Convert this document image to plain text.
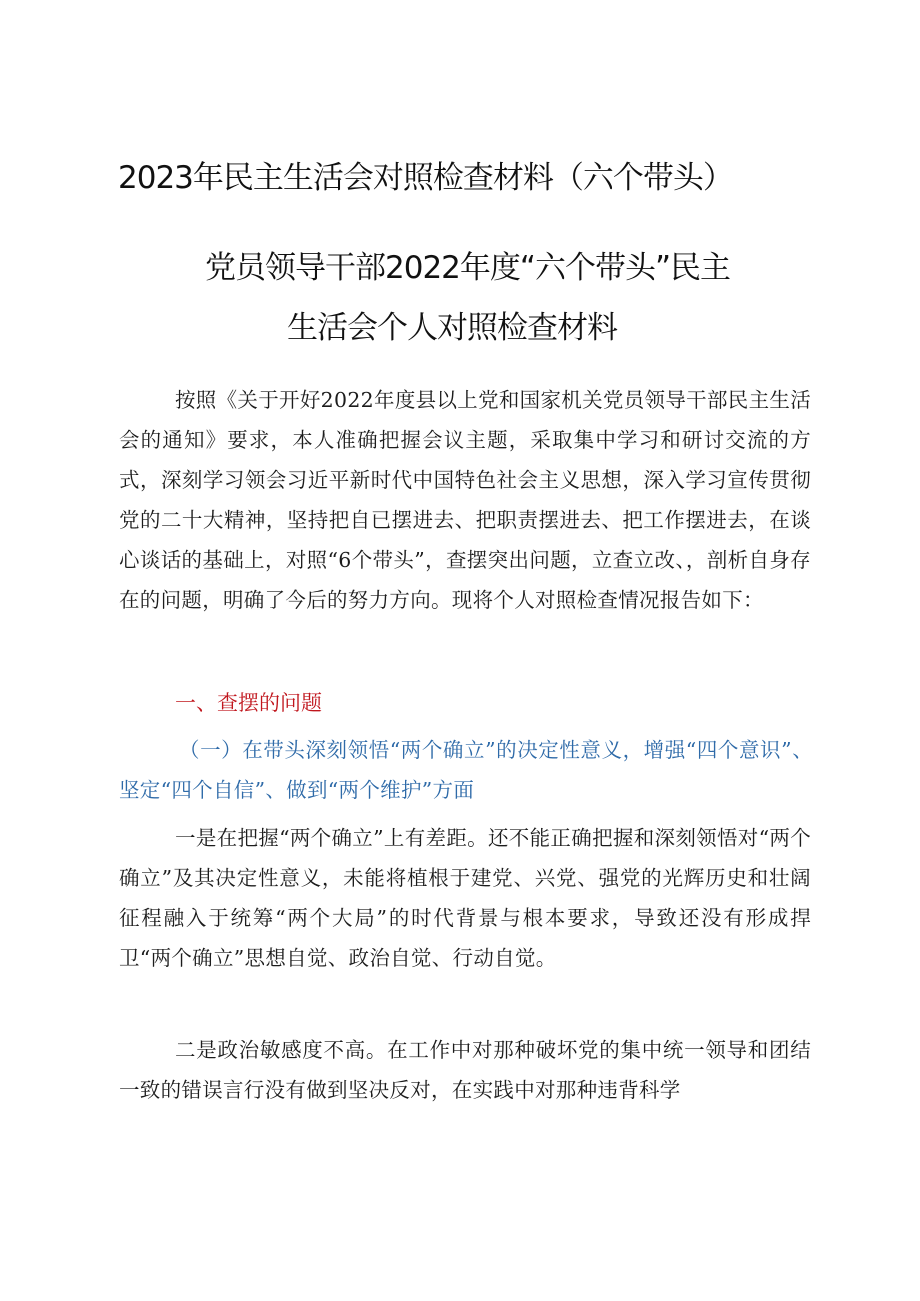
2023年民主生活会对照检查材料（六个带头）
党员领导干部2022年度“六个带头”民主
生活会个人对照检查材料
按照《关于开好2022年度县以上党和国家机关党员领导干部民主生活会的通知》要求，本人准确把握会议主题，采取集中学习和研讨交流的方式，深刻学习领会习近平新时代中国特色社会主义思想，深入学习宣传贯彻党的二十大精神，坚持把自已摆进去、把职责摆进去、把工作摆进去，在谈心谈话的基础上，对照“6个带头”，查摆突出问题，立查立改、，剖析自身存在的问题，明确了今后的努力方向。现将个人对照检查情况报告如下：
一、查摆的问题
（一）在带头深刻领悟“两个确立”的决定性意义，增强“四个意识”、坚定“四个自信”、做到“两个维护”方面
一是在把握“两个确立”上有差距。还不能正确把握和深刻领悟对“两个确立”及其决定性意义，未能将植根于建党、兴党、强党的光辉历史和壮阔征程融入于统筹“两个大局”的时代背景与根本要求，导致还没有形成捍卫“两个确立”思想自觉、政治自觉、行动自觉。
二是政治敏感度不高。在工作中对那种破坏党的集中统一领导和团结一致的错误言行没有做到坚决反对，在实践中对那种违背科学
